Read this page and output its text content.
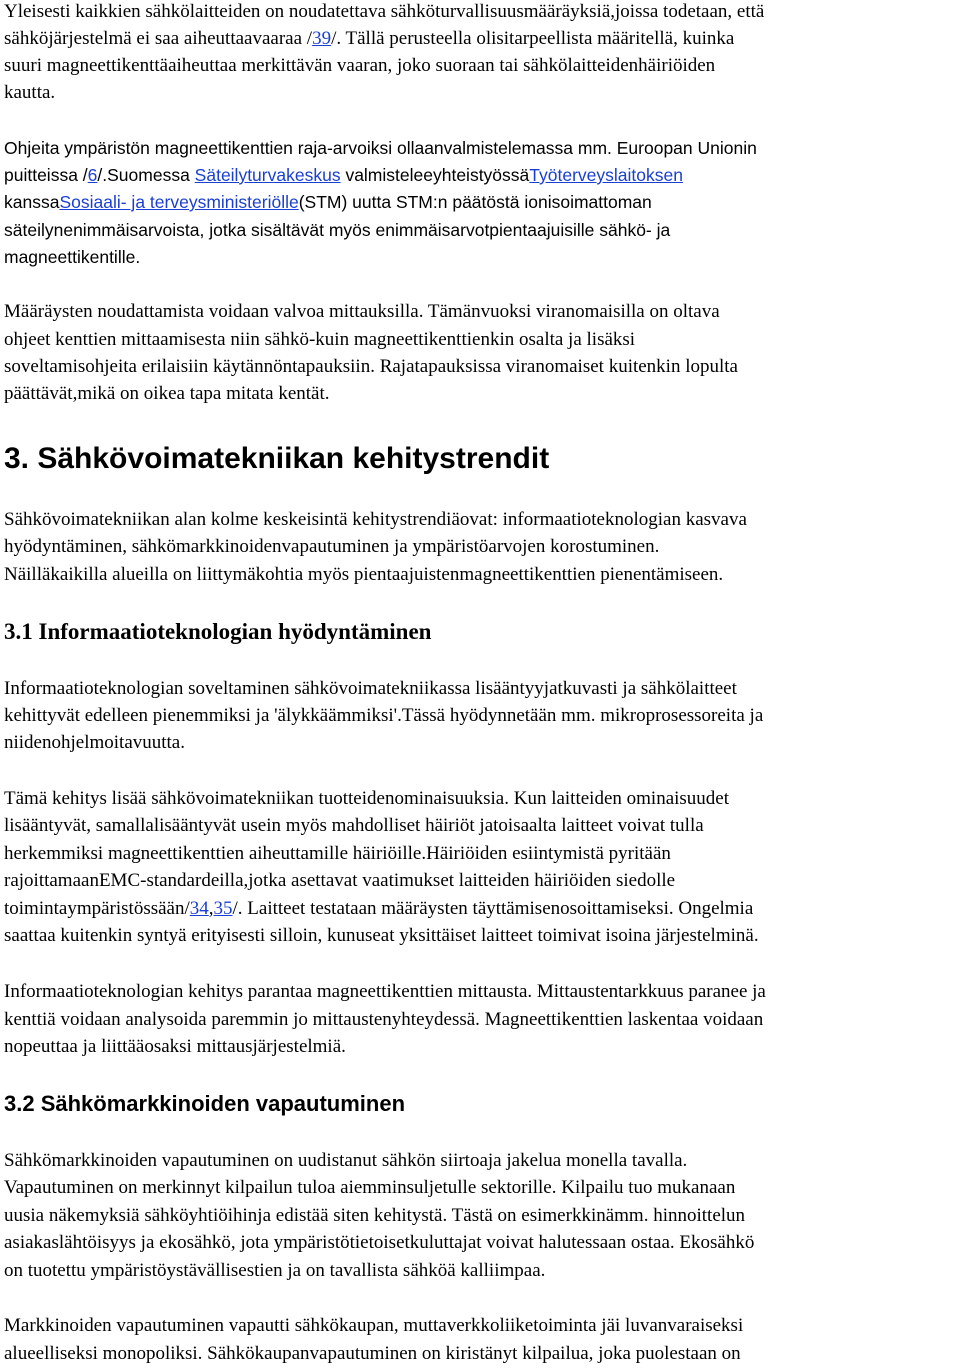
Yleisesti kaikkien sähkölaitteiden on noudatettava sähköturvallisuusmääräyksiä,joissa todetaan, että
sähköjärjestelmä ei saa aiheuttaavaaraa /39/. Tällä perusteella olisitarpeellista määritellä, kuinka
suuri magneettikenttäaiheuttaa merkittävän vaaran, joko suoraan tai sähkölaitteidenhäiriöiden
kautta.
Ohjeita ympäristön magneettikenttien raja-arvoiksi ollaanvalmistelemassa mm. Euroopan Unionin
puitteissa /6/.Suomessa Säteilyturvakeskus valmisteleeyhteistyössäTyöterveyslaitoksen
kanssaSosiaali- ja terveysministeriölle(STM) uutta STM:n päätöstä ionisoimattoman
säteilynenimmäisarvoista, jotka sisältävät myös enimmäisarvotpientaajuisille sähkö- ja
magneettikentille.
Määräysten noudattamista voidaan valvoa mittauksilla. Tämänvuoksi viranomaisilla on oltava
ohjeet kenttien mittaamisesta niin sähkö-kuin magneettikenttienkin osalta ja lisäksi
soveltamisohjeita erilaisiin käytännöntapauksiin. Rajatapauksissa viranomaiset kuitenkin lopulta
päättävät,mikä on oikea tapa mitata kentät.
3. Sähkövoimatekniikan kehitystrendit
Sähkövoimatekniikan alan kolme keskeisintä kehitystrendiäovat: informaatioteknologian kasvava
hyödyntäminen, sähkömarkkinoidenvapautuminen ja ympäristöarvojen korostuminen.
Näilläkaikilla alueilla on liittymäkohtia myös pientaajuistenmagneettikenttien pienentämiseen.
3.1 Informaatioteknologian hyödyntäminen
Informaatioteknologian soveltaminen sähkövoimatekniikassa lisääntyyjatkuvasti ja sähkölaitteet
kehittyvät edelleen pienemmiksi ja 'älykkäämmiksi'.Tässä hyödynnetään mm. mikroprosessoreita ja
niidenohjelmoitavuutta.
Tämä kehitys lisää sähkövoimatekniikan tuotteidenominaisuuksia. Kun laitteiden ominaisuudet
lisääntyvät, samallalisääntyvät usein myös mahdolliset häiriöt jatoisaalta laitteet voivat tulla
herkemmiksi magneettikenttien aiheuttamille häiriöille.Häiriöiden esiintymistä pyritään
rajoittamaanEMC-standardeilla,jotka asettavat vaatimukset laitteiden häiriöiden siedolle
toimintaympäristössään/34,35/. Laitteet testataan määräysten täyttämisenosoittamiseksi. Ongelmia
saattaa kuitenkin syntyä erityisesti silloin, kunuseat yksittäiset laitteet toimivat isoina järjestelminä.
Informaatioteknologian kehitys parantaa magneettikenttien mittausta. Mittaustentarkkuus paranee ja
kenttiä voidaan analysoida paremmin jo mittaustenyhteydessä. Magneettikenttien laskentaa voidaan
nopeuttaa ja liittääosaksi mittausjärjestelmiä.
3.2 Sähkömarkkinoiden vapautuminen
Sähkömarkkinoiden vapautuminen on uudistanut sähkön siirtoaja jakelua monella tavalla.
Vapautuminen on merkinnyt kilpailun tuloa aiemminsuljetulle sektorille. Kilpailu tuo mukanaan
uusia näkemyksiä sähköyhtiöihinja edistää siten kehitystä. Tästä on esimerkkinämm. hinnoittelun
asiakaslähtöisyys ja ekosähkö, jota ympäristötietoisetkuluttajat voivat halutessaan ostaa. Ekosähkö
on tuotettu ympäristöystävällisestien ja on tavallista sähköä kalliimpaa.
Markkinoiden vapautuminen vapautti sähkökaupan, muttaverkkoliiketoiminta jäi luvanvaraiseksi
alueelliseksi monopoliksi. Sähkökaupanvapautuminen on kiristänyt kilpailua, joka puolestaan on
